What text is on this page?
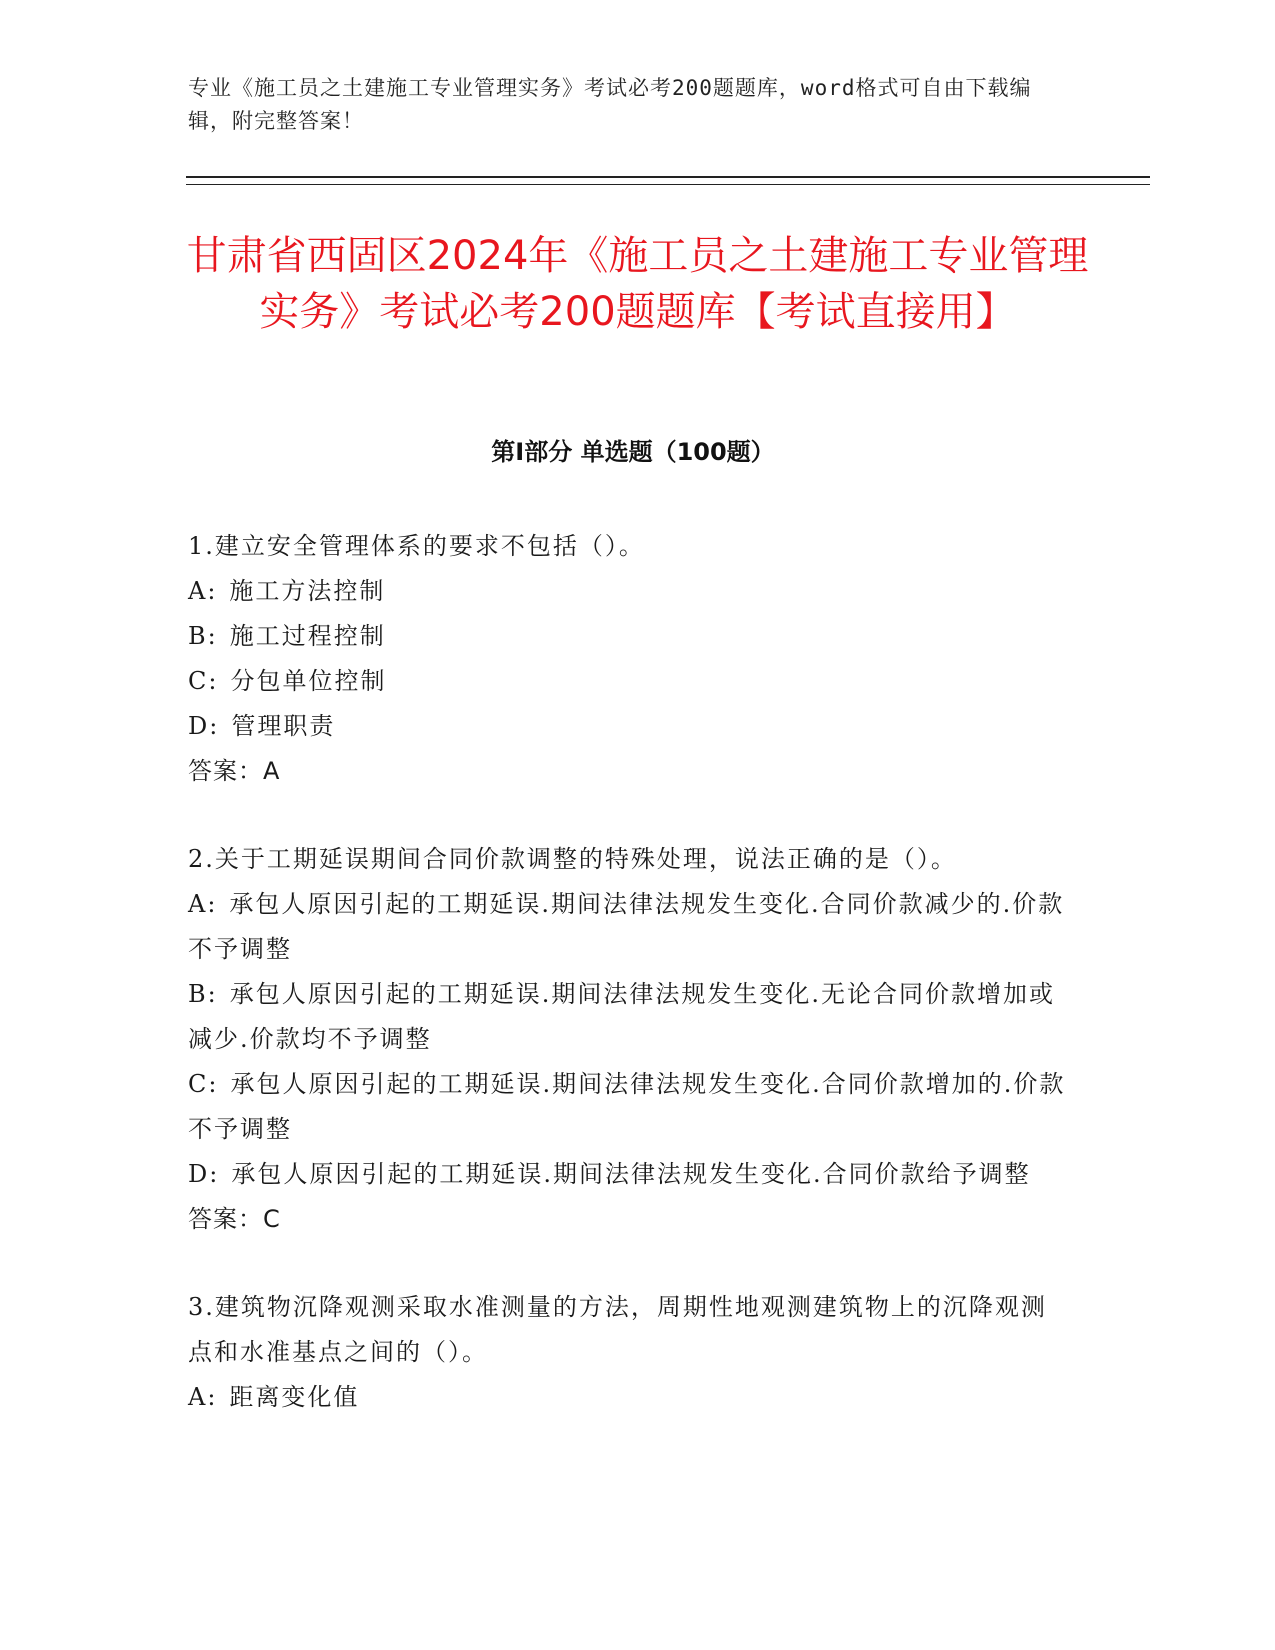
专业《施工员之土建施工专业管理实务》考试必考200题题库，word格式可自由下载编辑，附完整答案！
甘肃省西固区2024年《施工员之土建施工专业管理实务》考试必考200题题库【考试直接用】
第I部分 单选题（100题）
1.建立安全管理体系的要求不包括（）。
A: 施工方法控制
B: 施工过程控制
C: 分包单位控制
D: 管理职责
答案：A
2.关于工期延误期间合同价款调整的特殊处理，说法正确的是（）。
A: 承包人原因引起的工期延误.期间法律法规发生变化.合同价款减少的.价款不予调整
B: 承包人原因引起的工期延误.期间法律法规发生变化.无论合同价款增加或减少.价款均不予调整
C: 承包人原因引起的工期延误.期间法律法规发生变化.合同价款增加的.价款不予调整
D: 承包人原因引起的工期延误.期间法律法规发生变化.合同价款给予调整
答案：C
3.建筑物沉降观测采取水准测量的方法，周期性地观测建筑物上的沉降观测点和水准基点之间的（）。
A: 距离变化值
